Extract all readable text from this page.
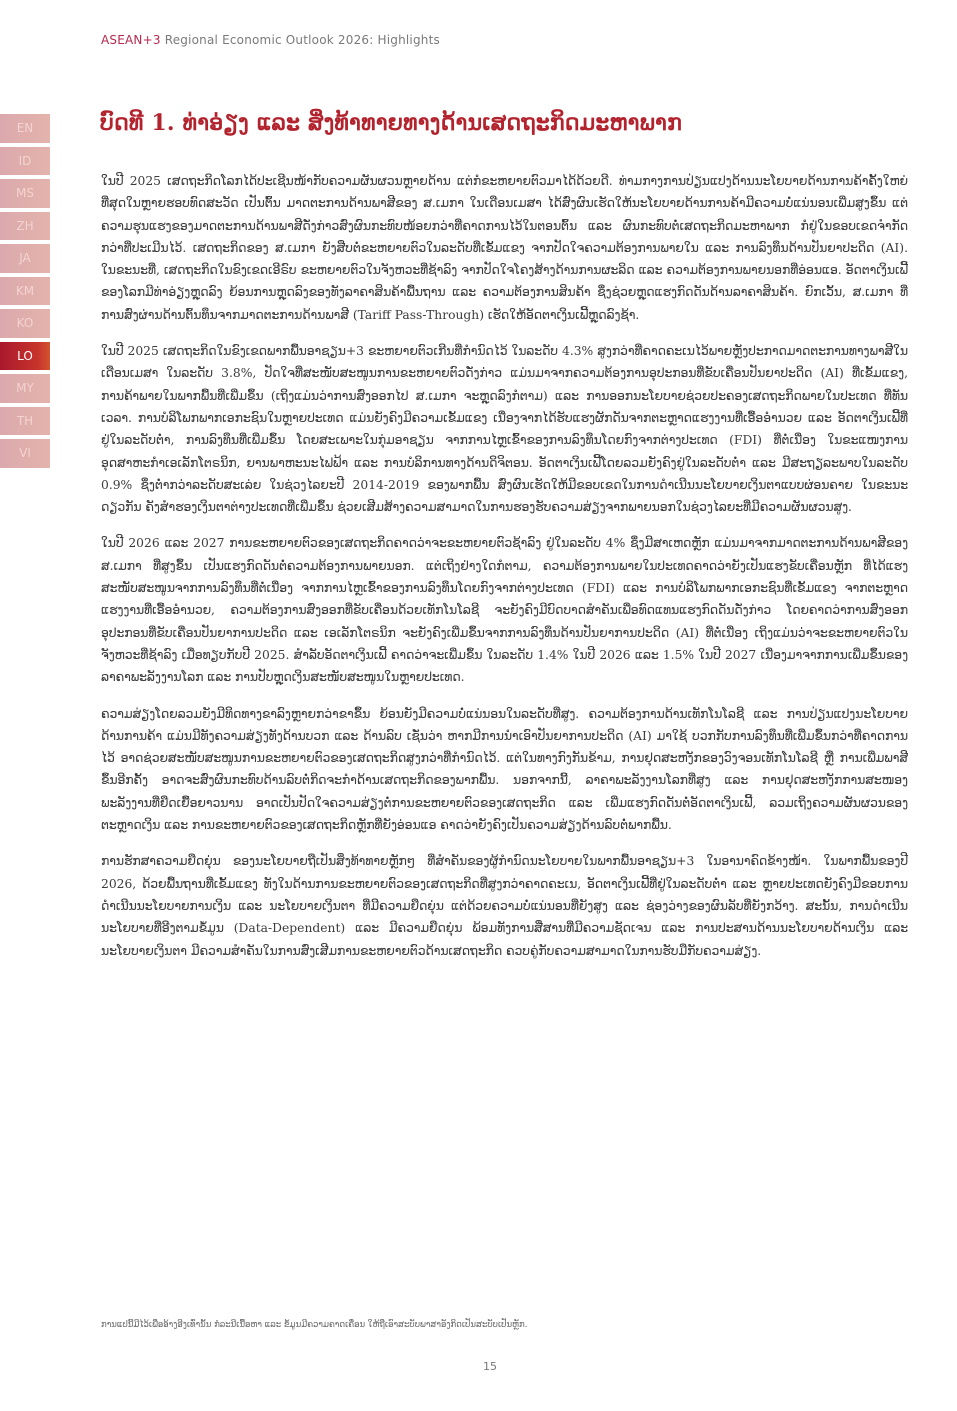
ASEAN+3 Regional Economic Outlook 2026: Highlights
EN
ID
MS
ZH
JA
KM
KO
LO
MY
TH
VI
ບົດທີ 1. ທ່າອ່ຽງ ແລະ ສິ່ງທ້າທາຍທາງດ້ານເສດຖະກິດມະຫາພາກ

ໃນປີ 2025 ເສດຖະກິດໂລກໄດ້ປະເຊີນໜ້າກັບຄວາມຜັນຜວນຫຼາຍດ້ານ ແຕ່ກໍຂະຫຍາຍຕົວມາໄດ້ດ້ວຍດີ. ທ່າມກາງການປ່ຽນແປງດ້ານນະໂຍບາຍດ້ານການຄ້າຄັ້ງໃຫຍ່ທີ່ສຸດໃນຫຼາຍຮອບທົດສະວັດ ເປັນຕົ້ນ ມາດຕະການດ້ານພາສີຂອງ ສ.ເມກາ ໃນເດືອນເມສາ ໄດ້ສົ່ງຜົນເຮັດໃຫ້ນະໂຍບາຍດ້ານການຄ້າມີຄວາມບໍ່ແນ່ນອນເພີ່ມສູງຂຶ້ນ ແຕ່ຄວາມຮຸນແຮງຂອງມາດຕະການດ້ານພາສີດັ່ງກ່າວສົ່ງຜົນກະທົບໜ້ອຍກວ່າທີ່ຄາດການໄວ້ໃນຕອນຕົ້ນ ແລະ ຜົນກະທົບຕໍ່ເສດຖະກິດມະຫາພາກ ກໍຢູ່ໃນຂອບເຂດຈຳກັດກວ່າທີ່ປະເມີນໄວ້. ເສດຖະກິດຂອງ ສ.ເມກາ ຍັງສືບຕໍ່ຂະຫຍາຍຕົວໃນລະດັບທີ່ເຂັ້ມແຂງ ຈາກປັດໃຈຄວາມຕ້ອງການພາຍໃນ ແລະ ການລົງທຶນດ້ານປັນຍາປະດິດ (AI). ໃນຂະນະທີ່, ເສດຖະກິດໃນຂົງເຂດເອີຣົບ ຂະຫຍາຍຕົວໃນຈັງຫວະທີ່ຊ້າລົງ ຈາກປັດໃຈໂຄງສ້າງດ້ານການຜະລິດ ແລະ ຄວາມຕ້ອງການພາຍນອກທີ່ອ່ອນແອ. ອັດຕາເງິນເຟີ້ຂອງໂລກມີທ່າອ່ຽງຫຼຸດລົງ ຍ້ອນການຫຼຸດລົງຂອງທັງລາຄາສິນຄ້າພື້ນຖານ ແລະ ຄວາມຕ້ອງການສິນຄ້າ ຊຶ່ງຊ່ວຍຫຼຸດແຮງກົດດັນດ້ານລາຄາສິນຄ້າ. ຍົກເວັ້ນ, ສ.ເມກາ ທີ່ການສົ່ງຜ່ານດ້ານຕົ້ນທຶນຈາກມາດຕະການດ້ານພາສີ (Tariff Pass-Through) ເຮັດໃຫ້ອັດຕາເງິນເຟີ້ຫຼຸດລົງຊ້າ.

ໃນປີ 2025 ເສດຖະກິດໃນຂົງເຂດພາກພື້ນອາຊຽນ+3 ຂະຫຍາຍຕົວເກີນທີ່ກຳນົດໄວ້ ໃນລະດັບ 4.3% ສູງກວ່າທີ່ຄາດຄະເນໄວ້ພາຍຫຼັງປະກາດມາດຕະການທາງພາສີໃນເດືອນເມສາ ໃນລະດັບ 3.8%, ປັດໃຈທີ່ສະໜັບສະໜູນການຂະຫຍາຍຕົວດັ່ງກ່າວ ແມ່ນມາຈາກຄວາມຕ້ອງການອຸປະກອນທີ່ຂັບເຄື່ອນປັນຍາປະດິດ (AI) ທີ່ເຂັ້ມແຂງ, ການຄ້າພາຍໃນພາກພື້ນທີ່ເພີ່ມຂຶ້ນ (ເຖິງແມ່ນວ່າການສົ່ງອອກໄປ ສ.ເມກາ ຈະຫຼຸດລົງກໍຕາມ) ແລະ ການອອກນະໂຍບາຍຊ່ວຍປະຄອງເສດຖະກິດພາຍໃນປະເທດ ທີ່ທັນເວລາ. ການບໍລິໂພກພາກເອກະຊົນໃນຫຼາຍປະເທດ ແມ່ນຍັງຄົງມີຄວາມເຂັ້ມແຂງ ເນື່ອງຈາກໄດ້ຮັບແຮງຜັກດັນຈາກຕະຫຼາດແຮງງານທີ່ເອື້ອອຳນວຍ ແລະ ອັດຕາເງິນເຟີ້ທີ່ຢູ່ໃນລະດັບຕ່ຳ, ການລົງທຶນທີ່ເພີ່ມຂຶ້ນ ໂດຍສະເພາະໃນກຸ່ມອາຊຽນ ຈາກການໄຫຼເຂົ້າຂອງການລົງທຶນໂດຍກົງຈາກຕ່າງປະເທດ (FDI) ທີ່ຕໍ່ເນື່ອງ ໃນຂະແໜງການອຸດສາຫະກຳເອເລັກໂຕຣນິກ, ຍານພາຫະນະໄຟຟ້າ ແລະ ການບໍລິການທາງດ້ານດິຈິຕອນ. ອັດຕາເງິນເຟີ້ໂດຍລວມຍັງຄົງຢູ່ໃນລະດັບຕ່ຳ ແລະ ມີສະຖຽລະພາບໃນລະດັບ 0.9% ຊຶ່ງຕ່ຳກວ່າລະດັບສະເລ່ຍ ໃນຊ່ວງໄລຍະປີ 2014-2019 ຂອງພາກພື້ນ ສົ່ງຜົນເຮັດໃຫ້ມີຂອບເຂດໃນການດຳເນີນນະໂຍບາຍເງິນຕາແບບຜ່ອນຄາຍ ໃນຂະນະດຽວກັນ ຄັງສຳຮອງເງິນຕາຕ່າງປະເທດທີ່ເພີ່ມຂຶ້ນ ຊ່ວຍເສີມສ້າງຄວາມສາມາດໃນການຮອງຮັບຄວາມສ່ຽງຈາກພາຍນອກໃນຊ່ວງໄລຍະທີ່ມີຄວາມຜັນຜວນສູງ.

ໃນປີ 2026 ແລະ 2027 ການຂະຫຍາຍຕົວຂອງເສດຖະກິດຄາດວ່າຈະຂະຫຍາຍຕົວຊ້າລົງ ຢູ່ໃນລະດັບ 4% ຊຶ່ງມີສາເຫດຫຼັກ ແມ່ນມາຈາກມາດຕະການດ້ານພາສີຂອງ ສ.ເມກາ ທີ່ສູງຂຶ້ນ ເປັນແຮງກົດດັນຕໍ່ຄວາມຕ້ອງການພາຍນອກ. ແຕ່ເຖິງຢ່າງໃດກໍຕາມ, ຄວາມຕ້ອງການພາຍໃນປະເທດຄາດວ່າຍັງເປັນແຮງຂັບເຄື່ອນຫຼັກ ທີ່ໄດ້ແຮງສະໜັບສະໜູນຈາກການລົງທຶນທີ່ຕໍ່ເນື່ອງ ຈາກການໄຫຼເຂົ້າຂອງການລົງທຶນໂດຍກົງຈາກຕ່າງປະເທດ (FDI) ແລະ ການບໍລິໂພກພາກເອກະຊົນທີ່ເຂັ້ມແຂງ ຈາກຕະຫຼາດແຮງງານທີ່ເອື້ອອຳນວຍ, ຄວາມຕ້ອງການສົ່ງອອກທີ່ຂັບເຄື່ອນດ້ວຍເທັກໂນໂລຊີ ຈະຍັງຄົງມີບົດບາດສຳຄັນເພື່ອທົດແທນແຮງກົດດັນດັ່ງກ່າວ ໂດຍຄາດວ່າການສົ່ງອອກອຸປະກອນທີ່ຂັບເຄື່ອນປັນຍາການປະດິດ ແລະ ເອເລັກໂຕຣນິກ ຈະຍັງຄົງເພີ່ມຂຶ້ນຈາກການລົງທຶນດ້ານປັນຍາການປະດິດ (AI) ທີ່ຕໍ່ເນື່ອງ ເຖິງແມ່ນວ່າຈະຂະຫຍາຍຕົວໃນຈັງຫວະທີ່ຊ້າລົງ ເມື່ອທຽບກັບປີ 2025. ສຳລັບອັດຕາເງິນເຟີ້ ຄາດວ່າຈະເພີ່ມຂຶ້ນ ໃນລະດັບ 1.4% ໃນປີ 2026 ແລະ 1.5% ໃນປີ 2027 ເນື່ອງມາຈາກການເພີ່ມຂຶ້ນຂອງລາຄາພະລັງງານໂລກ ແລະ ການປັບຫຼຸດເງິນສະໜັບສະໜູນໃນຫຼາຍປະເທດ.

ຄວາມສ່ຽງໂດຍລວມຍັງມີທິດທາງຂາລົງຫຼາຍກວ່າຂາຂຶ້ນ ຍ້ອນຍັງມີຄວາມບໍ່ແນ່ນອນໃນລະດັບທີ່ສູງ. ຄວາມຕ້ອງການດ້ານເທັກໂນໂລຊີ ແລະ ການປ່ຽນແປງນະໂຍບາຍດ້ານການຄ້າ ແມ່ນມີທັງຄວາມສ່ຽງທັງດ້ານບວກ ແລະ ດ້ານລົບ ເຊັ່ນວ່າ ຫາກມີການນຳເອົາປັນຍາການປະດິດ (AI) ມາໃຊ້ ບວກກັບການລົງທຶນທີ່ເພີ່ມຂຶ້ນກວ່າທີ່ຄາດການໄວ້ ອາດຊ່ວຍສະໜັບສະໜູນການຂະຫຍາຍຕົວຂອງເສດຖະກິດສູງກວ່າທີ່ກຳນົດໄວ້. ແຕ່ໃນທາງກົງກັນຂ້າມ, ການຢຸດສະຫງັກຂອງວົງຈອນເທັກໂນໂລຊີ ຫຼື ການເພີ່ມພາສີຂຶ້ນອີກຄັ້ງ ອາດຈະສົ່ງຜົນກະທົບດ້ານລົບຕໍ່ກິດຈະກຳດ້ານເສດຖະກິດຂອງພາກພື້ນ. ນອກຈາກນີ້, ລາຄາພະລັງງານໂລກທີ່ສູງ ແລະ ການຢຸດສະຫງັກການສະໜອງພະລັງງານທີ່ຍືດເຍື້ອຍາວນານ ອາດເປັນປັດໃຈຄວາມສ່ຽງຕໍ່ການຂະຫຍາຍຕົວຂອງເສດຖະກິດ ແລະ ເພີ່ມແຮງກົດດັນຕໍ່ອັດຕາເງິນເຟີ້, ລວມເຖິງຄວາມຜັນຜວນຂອງຕະຫຼາດເງິນ ແລະ ການຂະຫຍາຍຕົວຂອງເສດຖະກິດຫຼັກທີ່ຍັງອ່ອນແອ ຄາດວ່າຍັງຄົງເປັນຄວາມສ່ຽງດ້ານລົບຕໍ່ພາກພື້ນ.

ການຮັກສາຄວາມຍືດຍຸ່ນ ຂອງນະໂຍບາຍຖືເປັນສິ່ງທ້າທາຍຫຼັກໆ ທີ່ສຳຄັນຂອງຜູ້ກຳນົດນະໂຍບາຍໃນພາກພື້ນອາຊຽນ+3 ໃນອານາຄົດຂ້າງໜ້າ. ໃນພາກພື້ນຂອງປີ 2026, ດ້ວຍພື້ນຖານທີ່ເຂັ້ມແຂງ ທັງໃນດ້ານການຂະຫຍາຍຕົວຂອງເສດຖະກິດທີ່ສູງກວ່າຄາດຄະເນ, ອັດຕາເງິນເຟີ້ທີ່ຢູ່ໃນລະດັບຕ່ຳ ແລະ ຫຼາຍປະເທດຍັງຄົງມີຂອບການດຳເນີນນະໂຍບາຍການເງິນ ແລະ ນະໂຍບາຍເງິນຕາ ທີ່ມີຄວາມຍືດຍຸ່ນ ແຕ່ດ້ວຍຄວາມບໍ່ແນ່ນອນທີ່ຍັງສູງ ແລະ ຊ່ອງວ່າງຂອງຜົນລັບທີ່ຍັງກວ້າງ. ສະນັ້ນ, ການດຳເນີນນະໂຍບາຍທີ່ອີງຕາມຂໍ້ມູນ (Data-Dependent) ແລະ ມີຄວາມຍືດຍຸ່ນ ພ້ອມທັງການສື່ສານທີ່ມີຄວາມຊັດເຈນ ແລະ ການປະສານດ້ານນະໂຍບາຍດ້ານເງິນ ແລະ ນະໂຍບາຍເງິນຕາ ມີຄວາມສຳຄັນໃນການສົ່ງເສີມການຂະຫຍາຍຕົວດ້ານເສດຖະກິດ ຄວບຄູ່ກັບຄວາມສາມາດໃນການຮັບມືກັບຄວາມສ່ຽງ.

ການແປນີ້ມີໄວ້ເພື່ອອ້າງອີງເທົ່ານັ້ນ ກໍລະນີເນື້ອຫາ ແລະ ຂໍ້ມູນມີຄວາມຄາດເຄື່ອນ ໃຫ້ຖືເອົາສະບັບພາສາອັງກິດເປັນສະບັບເປັນຫຼັກ.
15
